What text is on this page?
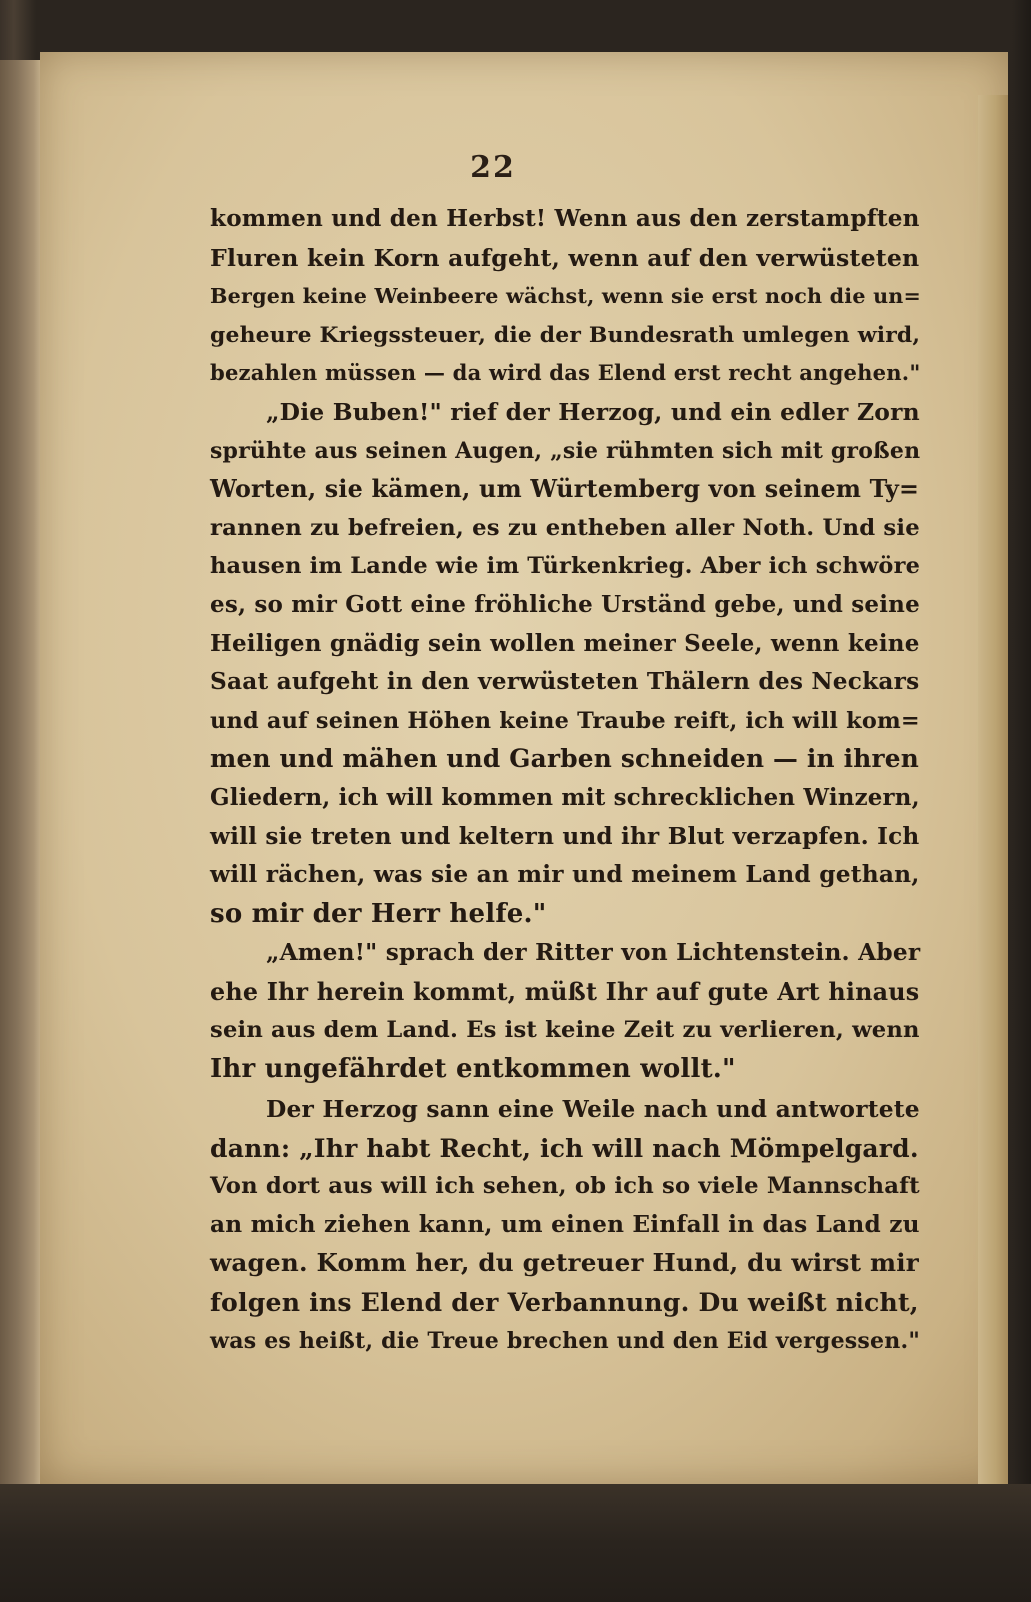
22
kommen und den Herbst! Wenn aus den zerstampften
Fluren kein Korn aufgeht, wenn auf den verwüsteten
Bergen keine Weinbeere wächst, wenn sie erst noch die un=
geheure Kriegssteuer, die der Bundesrath umlegen wird,
bezahlen müssen — da wird das Elend erst recht angehen."
„Die Buben!" rief der Herzog, und ein edler Zorn
sprühte aus seinen Augen, „sie rühmten sich mit großen
Worten, sie kämen, um Würtemberg von seinem Ty=
rannen zu befreien, es zu entheben aller Noth. Und sie
hausen im Lande wie im Türkenkrieg. Aber ich schwöre
es, so mir Gott eine fröhliche Urständ gebe, und seine
Heiligen gnädig sein wollen meiner Seele, wenn keine
Saat aufgeht in den verwüsteten Thälern des Neckars
und auf seinen Höhen keine Traube reift, ich will kom=
men und mähen und Garben schneiden — in ihren
Gliedern, ich will kommen mit schrecklichen Winzern,
will sie treten und keltern und ihr Blut verzapfen. Ich
will rächen, was sie an mir und meinem Land gethan,
so mir der Herr helfe."
„Amen!" sprach der Ritter von Lichtenstein. Aber
ehe Ihr herein kommt, müßt Ihr auf gute Art hinaus
sein aus dem Land. Es ist keine Zeit zu verlieren, wenn
Ihr ungefährdet entkommen wollt."
Der Herzog sann eine Weile nach und antwortete
dann: „Ihr habt Recht, ich will nach Mömpelgard.
Von dort aus will ich sehen, ob ich so viele Mannschaft
an mich ziehen kann, um einen Einfall in das Land zu
wagen. Komm her, du getreuer Hund, du wirst mir
folgen ins Elend der Verbannung. Du weißt nicht,
was es heißt, die Treue brechen und den Eid vergessen."
